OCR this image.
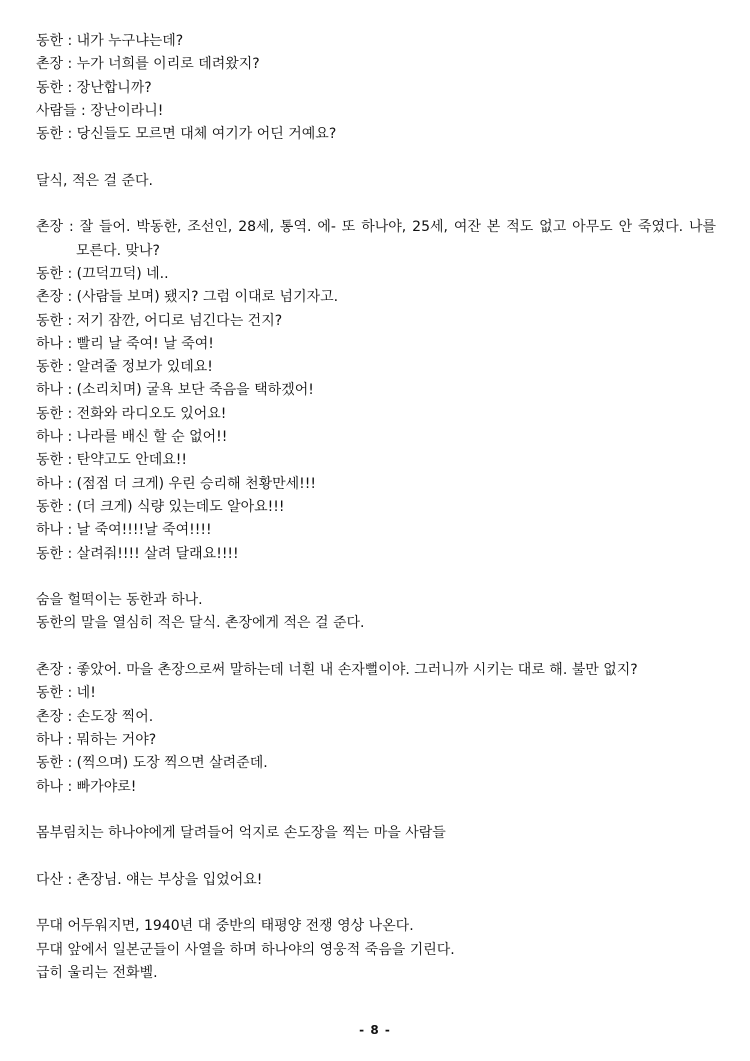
동한 : 내가 누구냐는데?
촌장 : 누가 너희를 이리로 데려왔지?
동한 : 장난합니까?
사람들 : 장난이라니!
동한 : 당신들도 모르면 대체 여기가 어딘 거예요?
달식, 적은 걸 준다.
촌장 : 잘 들어. 박동한, 조선인, 28세, 통역. 에- 또 하나야, 25세, 여잔 본 적도 없고 아무도 안 죽였다. 나를 모른다. 맞나?
동한 : (끄덕끄덕) 네..
촌장 : (사람들 보며) 됐지? 그럼 이대로 넘기자고.
동한 : 저기 잠깐, 어디로 넘긴다는 건지?
하나 : 빨리 날 죽여! 날 죽여!
동한 : 알려줄 정보가 있데요!
하나 : (소리치며) 굴욕 보단 죽음을 택하겠어!
동한 : 전화와 라디오도 있어요!
하나 : 나라를 배신 할 순 없어!!
동한 : 탄약고도 안데요!!
하나 : (점점 더 크게) 우린 승리해 천황만세!!!
동한 : (더 크게) 식량 있는데도 알아요!!!
하나 : 날 죽여!!!!날 죽여!!!!
동한 : 살려줘!!!! 살려 달래요!!!!
숨을 헐떡이는 동한과 하나.
동한의 말을 열심히 적은 달식. 촌장에게 적은 걸 준다.
촌장 : 좋았어. 마을 촌장으로써 말하는데 너흰 내 손자뻘이야. 그러니까 시키는 대로 해. 불만 없지?
동한 : 네!
촌장 : 손도장 찍어.
하나 : 뭐하는 거야?
동한 : (찍으며) 도장 찍으면 살려준데.
하나 : 빠가야로!
몸부림치는 하나야에게 달려들어 억지로 손도장을 찍는 마을 사람들
다산 : 촌장님. 얘는 부상을 입었어요!
무대 어두워지면, 1940년 대 중반의 태평양 전쟁 영상 나온다.
무대 앞에서 일본군들이 사열을 하며 하나야의 영웅적 죽음을 기린다.
급히 울리는 전화벨.
- 8 -
